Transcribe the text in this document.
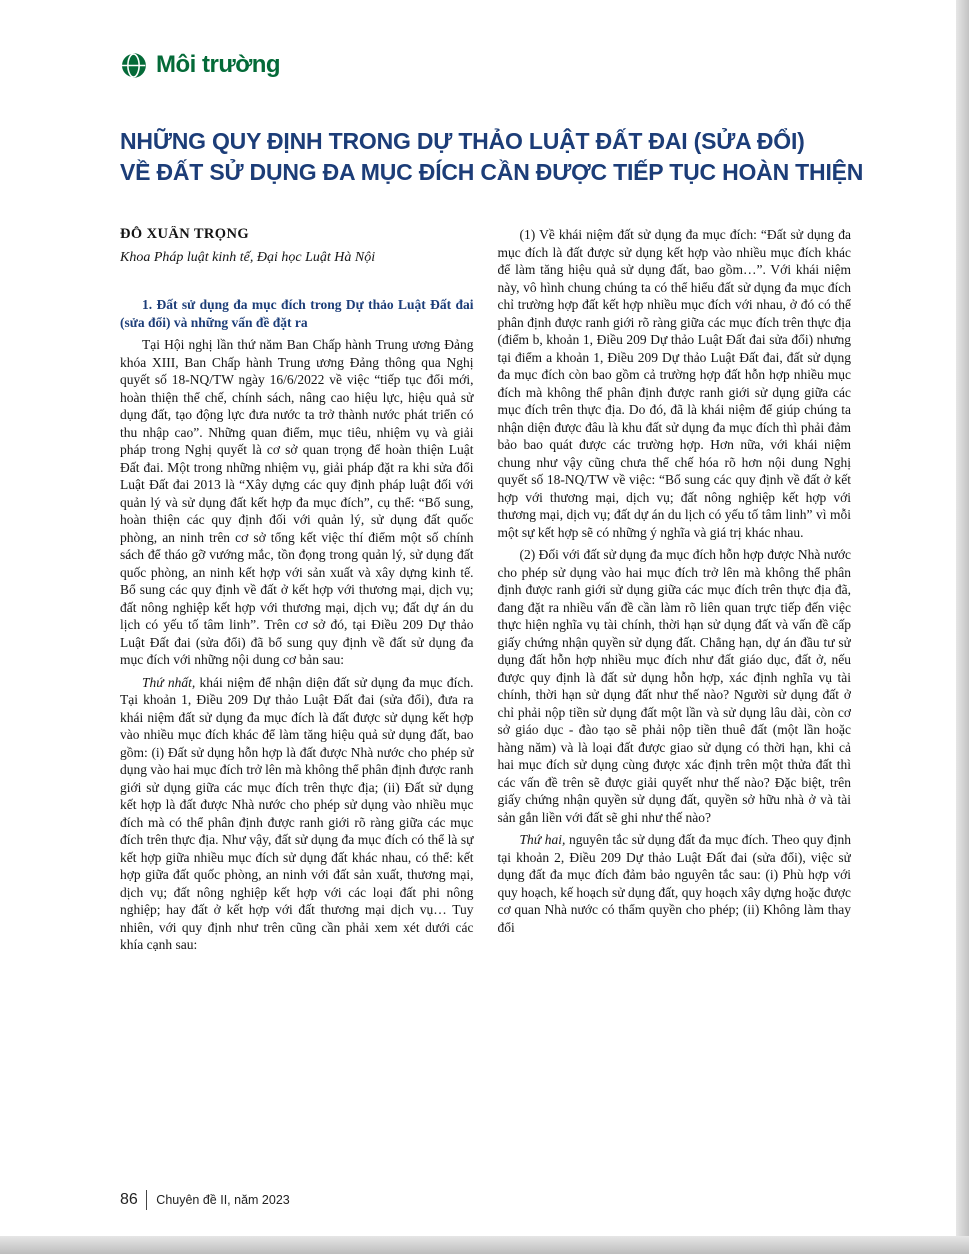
Môi trường
NHỮNG QUY ĐỊNH TRONG DỰ THẢO LUẬT ĐẤT ĐAI (SỬA ĐỔI)
VỀ ĐẤT SỬ DỤNG ĐA MỤC ĐÍCH CẦN ĐƯỢC TIẾP TỤC HOÀN THIỆN
ĐỖ XUÂN TRỌNG
Khoa Pháp luật kinh tế, Đại học Luật Hà Nội
1. Đất sử dụng đa mục đích trong Dự thảo Luật Đất đai (sửa đổi) và những vấn đề đặt ra

Tại Hội nghị lần thứ năm Ban Chấp hành Trung ương Đảng khóa XIII, Ban Chấp hành Trung ương Đảng thông qua Nghị quyết số 18-NQ/TW ngày 16/6/2022 về việc “tiếp tục đổi mới, hoàn thiện thể chế, chính sách, nâng cao hiệu lực, hiệu quả sử dụng đất, tạo động lực đưa nước ta trở thành nước phát triển có thu nhập cao”. Những quan điểm, mục tiêu, nhiệm vụ và giải pháp trong Nghị quyết là cơ sở quan trọng để hoàn thiện Luật Đất đai. Một trong những nhiệm vụ, giải pháp đặt ra khi sửa đổi Luật Đất đai 2013 là “Xây dựng các quy định pháp luật đối với quản lý và sử dụng đất kết hợp đa mục đích”, cụ thể: “Bổ sung, hoàn thiện các quy định đối với quản lý, sử dụng đất quốc phòng, an ninh trên cơ sở tổng kết việc thí điểm một số chính sách để tháo gỡ vướng mắc, tồn đọng trong quản lý, sử dụng đất quốc phòng, an ninh kết hợp với sản xuất và xây dựng kinh tế. Bổ sung các quy định về đất ở kết hợp với thương mại, dịch vụ; đất nông nghiệp kết hợp với thương mại, dịch vụ; đất dự án du lịch có yếu tố tâm linh”. Trên cơ sở đó, tại Điều 209 Dự thảo Luật Đất đai (sửa đổi) đã bổ sung quy định về đất sử dụng đa mục đích với những nội dung cơ bản sau:

Thứ nhất, khái niệm để nhận diện đất sử dụng đa mục đích. Tại khoản 1, Điều 209 Dự thảo Luật Đất đai (sửa đổi), đưa ra khái niệm đất sử dụng đa mục đích là đất được sử dụng kết hợp vào nhiều mục đích khác để làm tăng hiệu quả sử dụng đất, bao gồm: (i) Đất sử dụng hỗn hợp là đất được Nhà nước cho phép sử dụng vào hai mục đích trở lên mà không thể phân định được ranh giới sử dụng giữa các mục đích trên thực địa; (ii) Đất sử dụng kết hợp là đất được Nhà nước cho phép sử dụng vào nhiều mục đích mà có thể phân định được ranh giới rõ ràng giữa các mục đích trên thực địa. Như vậy, đất sử dụng đa mục đích có thể là sự kết hợp giữa nhiều mục đích sử dụng đất khác nhau, có thể: kết hợp giữa đất quốc phòng, an ninh với đất sản xuất, thương mại, dịch vụ; đất nông nghiệp kết hợp với các loại đất phi nông nghiệp; hay đất ở kết hợp với đất thương mại dịch vụ… Tuy nhiên, với quy định như trên cũng cần phải xem xét dưới các khía cạnh sau:

(1) Về khái niệm đất sử dụng đa mục đích: “Đất sử dụng đa mục đích là đất được sử dụng kết hợp vào nhiều mục đích khác để làm tăng hiệu quả sử dụng đất, bao gồm…”. Với khái niệm này, vô hình chung chúng ta có thể hiểu đất sử dụng đa mục đích chỉ trường hợp đất kết hợp nhiều mục đích với nhau, ở đó có thể phân định được ranh giới rõ ràng giữa các mục đích trên thực địa (điểm b, khoản 1, Điều 209 Dự thảo Luật Đất đai sửa đổi) nhưng tại điểm a khoản 1, Điều 209 Dự thảo Luật Đất đai, đất sử dụng đa mục đích còn bao gồm cả trường hợp đất hỗn hợp nhiều mục đích mà không thể phân định được ranh giới sử dụng giữa các mục đích trên thực địa. Do đó, đã là khái niệm để giúp chúng ta nhận diện được đâu là khu đất sử dụng đa mục đích thì phải đảm bảo bao quát được các trường hợp. Hơn nữa, với khái niệm chung như vậy cũng chưa thể chế hóa rõ hơn nội dung Nghị quyết số 18-NQ/TW về việc: “Bổ sung các quy định về đất ở kết hợp với thương mại, dịch vụ; đất nông nghiệp kết hợp với thương mại, dịch vụ; đất dự án du lịch có yếu tố tâm linh” vì mỗi một sự kết hợp sẽ có những ý nghĩa và giá trị khác nhau.

(2) Đối với đất sử dụng đa mục đích hỗn hợp được Nhà nước cho phép sử dụng vào hai mục đích trở lên mà không thể phân định được ranh giới sử dụng giữa các mục đích trên thực địa đã, đang đặt ra nhiều vấn đề cần làm rõ liên quan trực tiếp đến việc thực hiện nghĩa vụ tài chính, thời hạn sử dụng đất và vấn đề cấp giấy chứng nhận quyền sử dụng đất. Chẳng hạn, dự án đầu tư sử dụng đất hỗn hợp nhiều mục đích như đất giáo dục, đất ở, nếu được quy định là đất sử dụng hỗn hợp, xác định nghĩa vụ tài chính, thời hạn sử dụng đất như thế nào? Người sử dụng đất ở chỉ phải nộp tiền sử dụng đất một lần và sử dụng lâu dài, còn cơ sở giáo dục - đào tạo sẽ phải nộp tiền thuê đất (một lần hoặc hàng năm) và là loại đất được giao sử dụng có thời hạn, khi cả hai mục đích sử dụng cùng được xác định trên một thửa đất thì các vấn đề trên sẽ được giải quyết như thế nào? Đặc biệt, trên giấy chứng nhận quyền sử dụng đất, quyền sở hữu nhà ở và tài sản gắn liền với đất sẽ ghi như thế nào?

Thứ hai, nguyên tắc sử dụng đất đa mục đích. Theo quy định tại khoản 2, Điều 209 Dự thảo Luật Đất đai (sửa đổi), việc sử dụng đất đa mục đích đảm bảo nguyên tắc sau: (i) Phù hợp với quy hoạch, kế hoạch sử dụng đất, quy hoạch xây dựng hoặc được cơ quan Nhà nước có thẩm quyền cho phép; (ii) Không làm thay đổi

86 Chuyên đề II, năm 2023
